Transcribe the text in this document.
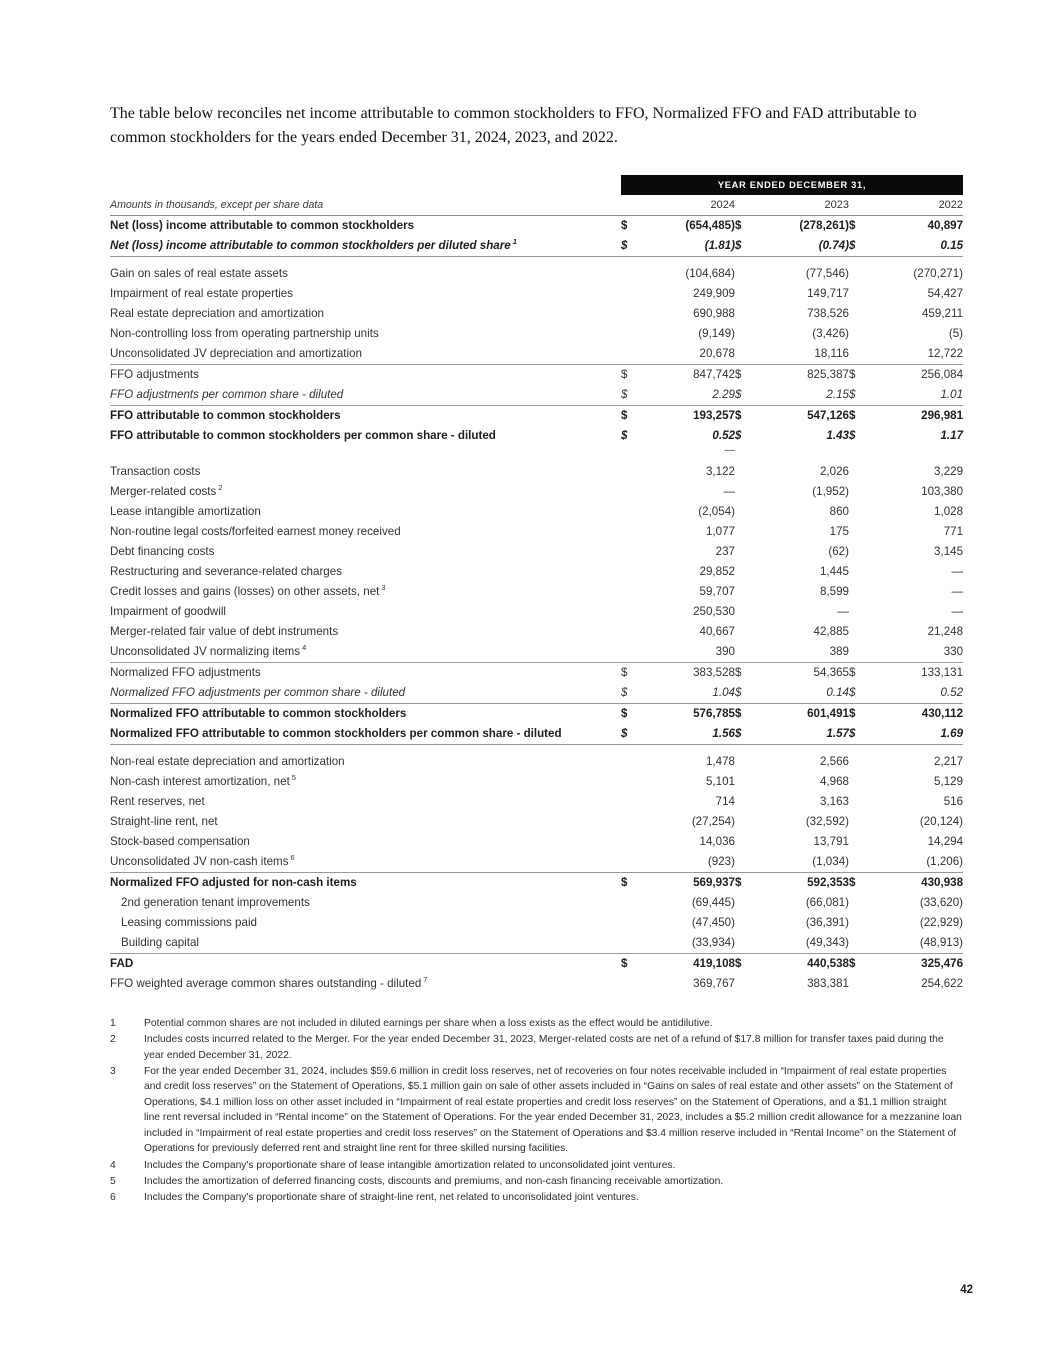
The table below reconciles net income attributable to common stockholders to FFO, Normalized FFO and FAD attributable to common stockholders for the years ended December 31, 2024, 2023, and 2022.

	YEAR ENDED DECEMBER 31,					
Amounts in thousands, except per share data	2024		2023		2022	
Net (loss) income attributable to common stockholders	$	(654,485)	$	(278,261)	$	40,897
Net (loss) income attributable to common stockholders per diluted share $^1$	$	(1.81)	$	(0.74)	$	0.15
Gain on sales of real estate assets		(104,684)		(77,546)		(270,271)
Impairment of real estate properties		249,909		149,717		54,427
Real estate depreciation and amortization		690,988		738,526		459,211
Non-controlling loss from operating partnership units		(9,149)		(3,426)		(5)
Unconsolidated JV depreciation and amortization		20,678		18,116		12,722
FFO adjustments	$	847,742	$	825,387	$	256,084
FFO adjustments per common share - diluted	$	2.29	$	2.15	$	1.01
FFO attributable to common stockholders	$	193,257	$	547,126	$	296,981
FFO attributable to common stockholders per common share - diluted	$	0.52	$	1.43	$	1.17
		—				
Transaction costs		3,122		2,026		3,229
Merger-related costs $^2$		—		(1,952)		103,380
Lease intangible amortization		(2,054)		860		1,028
Non-routine legal costs/forfeited earnest money received		1,077		175		771
Debt financing costs		237		(62)		3,145
Restructuring and severance-related charges		29,852		1,445		—
Credit losses and gains (losses) on other assets, net $^3$		59,707		8,599		—
Impairment of goodwill		250,530		—		—
Merger-related fair value of debt instruments		40,667		42,885		21,248
Unconsolidated JV normalizing items $^4$		390		389		330
Normalized FFO adjustments	$	383,528	$	54,365	$	133,131
Normalized FFO adjustments per common share - diluted	$	1.04	$	0.14	$	0.52
Normalized FFO attributable to common stockholders	$	576,785	$	601,491	$	430,112
Normalized FFO attributable to common stockholders per common share - diluted	$	1.56	$	1.57	$	1.69
Non-real estate depreciation and amortization		1,478		2,566		2,217
Non-cash interest amortization, net $^5$		5,101		4,968		5,129
Rent reserves, net		714		3,163		516
Straight-line rent, net		(27,254)		(32,592)		(20,124)
Stock-based compensation		14,036		13,791		14,294
Unconsolidated JV non-cash items $^6$		(923)		(1,034)		(1,206)
Normalized FFO adjusted for non-cash items	$	569,937	$	592,353	$	430,938
2nd generation tenant improvements		(69,445)		(66,081)		(33,620)
Leasing commissions paid		(47,450)		(36,391)		(22,929)
Building capital		(33,934)		(49,343)		(48,913)
FAD	$	419,108	$	440,538	$	325,476
FFO weighted average common shares outstanding - diluted $^7$		369,767		383,381		254,622
1	Potential common shares are not included in diluted earnings per share when a loss exists as the effect would be antidilutive.
2	Includes costs incurred related to the Merger. For the year ended December 31, 2023, Merger-related costs are net of a refund of $17.8 million for transfer taxes paid during the year ended December 31, 2022.
3	For the year ended December 31, 2024, includes $59.6 million in credit loss reserves, net of recoveries on four notes receivable included in “Impairment of real estate properties and credit loss reserves” on the Statement of Operations, $5.1 million gain on sale of other assets included in “Gains on sales of real estate and other assets” on the Statement of Operations, $4.1 million loss on other asset included in “Impairment of real estate properties and credit loss reserves” on the Statement of Operations, and a $1.1 million straight line rent reversal included in “Rental income” on the Statement of Operations. For the year ended December 31, 2023, includes a $5.2 million credit allowance for a mezzanine loan included in “Impairment of real estate properties and credit loss reserves” on the Statement of Operations and $3.4 million reserve included in “Rental Income” on the Statement of Operations for previously deferred rent and straight line rent for three skilled nursing facilities.
4	Includes the Company's proportionate share of lease intangible amortization related to unconsolidated joint ventures.
5	Includes the amortization of deferred financing costs, discounts and premiums, and non-cash financing receivable amortization.
6	Includes the Company's proportionate share of straight-line rent, net related to unconsolidated joint ventures.
42
